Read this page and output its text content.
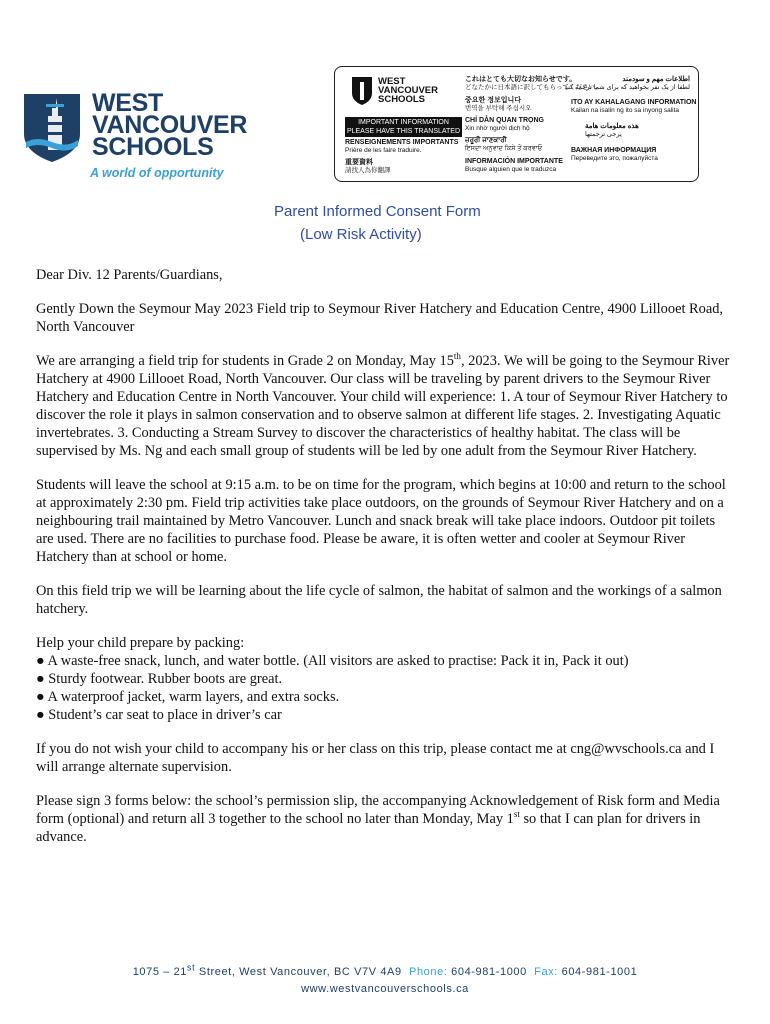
WEST
VANCOUVER
SCHOOLS
A world of opportunity
WEST
VANCOUVER
SCHOOLS
IMPORTANT INFORMATION
PLEASE HAVE THIS TRANSLATED
RENSEIGNEMENTS IMPORTANTS
Prière de les faire traduire.
重要資料
請找人為你翻譯
これはとても大切なお知らせです。
どなたかに日本語に訳してもらってください。
중요한 정보입니다
번역을 부탁해 주십시오
CHỈ DẪN QUAN TRỌNG
Xin nhờ người dịch hộ
ਜ਼ਰੂਰੀ ਜਾਣਕਾਰੀ
ਇਸਦਾ ਅਨੁਵਾਦ ਕਿਸੇ ਤੋਂ ਕਰਵਾਓ
INFORMACIÓN IMPORTANTE
Busque alguien que le traduzca
اطلاعات مهم و سودمند
لطفا از یک نفر بخواهید که برای شما ترجمه کند
ITO AY KAHALAGANG INFORMATION
Kailan na isalin ng ito sa inyong salita
هذه معلومات هامة
يرجى ترجمتها
ВАЖНАЯ ИНФОРМАЦИЯ
Переведите это, пожалуйста
Parent Informed Consent Form
(Low Risk Activity)

Dear Div. 12 Parents/Guardians,

Gently Down the Seymour May 2023 Field trip to Seymour River Hatchery and Education Centre, 4900 Lillooet Road, North Vancouver

We are arranging a field trip for students in Grade 2 on Monday, May 15th, 2023. We will be going to the Seymour River Hatchery at 4900 Lillooet Road, North Vancouver. Our class will be traveling by parent drivers to the Seymour River Hatchery and Education Centre in North Vancouver. Your child will experience: 1. A tour of Seymour River Hatchery to discover the role it plays in salmon conservation and to observe salmon at different life stages. 2. Investigating Aquatic invertebrates. 3. Conducting a Stream Survey to discover the characteristics of healthy habitat. The class will be supervised by Ms. Ng and each small group of students will be led by one adult from the Seymour River Hatchery.

Students will leave the school at 9:15 a.m. to be on time for the program, which begins at 10:00 and return to the school at approximately 2:30 pm. Field trip activities take place outdoors, on the grounds of Seymour River Hatchery and on a neighbouring trail maintained by Metro Vancouver. Lunch and snack break will take place indoors. Outdoor pit toilets are used. There are no facilities to purchase food. Please be aware, it is often wetter and cooler at Seymour River Hatchery than at school or home.

On this field trip we will be learning about the life cycle of salmon, the habitat of salmon and the workings of a salmon hatchery.

Help your child prepare by packing:
● A waste-free snack, lunch, and water bottle. (All visitors are asked to practise: Pack it in, Pack it out)
● Sturdy footwear. Rubber boots are great.
● A waterproof jacket, warm layers, and extra socks.
● Student’s car seat to place in driver’s car

If you do not wish your child to accompany his or her class on this trip, please contact me at cng@wvschools.ca and I will arrange alternate supervision.

Please sign 3 forms below: the school’s permission slip, the accompanying Acknowledgement of Risk form and Media form (optional) and return all 3 together to the school no later than Monday, May 1st so that I can plan for drivers in advance.

1075 – 21st Street, West Vancouver, BC V7V 4A9 Phone: 604-981-1000 Fax: 604-981-1001
www.westvancouverschools.ca
